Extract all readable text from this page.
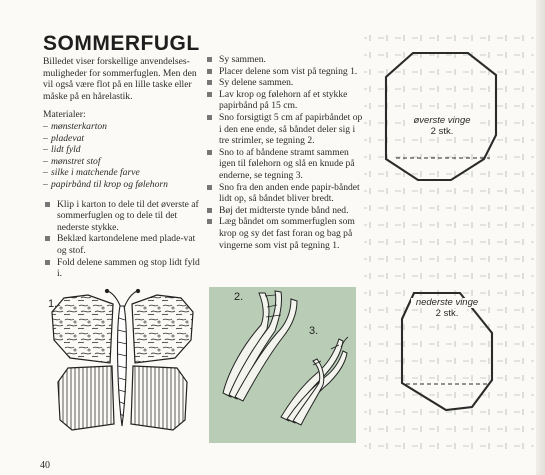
SOMMERFUGL

Billedet viser forskellige anvendelses-muligheder for sommerfuglen. Men den vil også være flot på en lille taske eller måske på en hårelastik.

Materialer:

– mønsterkarton
– pladevat
– lidt fyld
– mønstret stof
– silke i matchende farve
– papirbånd til krop og følehorn
Klip i karton to dele til det øverste af sommerfuglen og to dele til det nederste stykke.
Beklæd kartondelene med plade-vat og stof.
Fold delene sammen og stop lidt fyld i.
Sy sammen.
Placer delene som vist på tegning 1.
Sy delene sammen.
Lav krop og følehorn af et stykke papirbånd på 15 cm.
Sno forsigtigt 5 cm af papirbåndet op i den ene ende, så båndet deler sig i tre strimler, se tegning 2.
Sno to af båndene stramt sammen igen til følehorn og slå en knude på enderne, se tegning 3.
Sno fra den anden ende papir-båndet lidt op, så båndet bliver bredt.
Bøj det midterste tynde bånd ned.
Læg båndet om sommerfuglen som krop og sy det fast foran og bag på vingerne som vist på tegning 1.
1.
2.
3.
øverste vinge
2 stk.
nederste vinge
2 stk.
40
